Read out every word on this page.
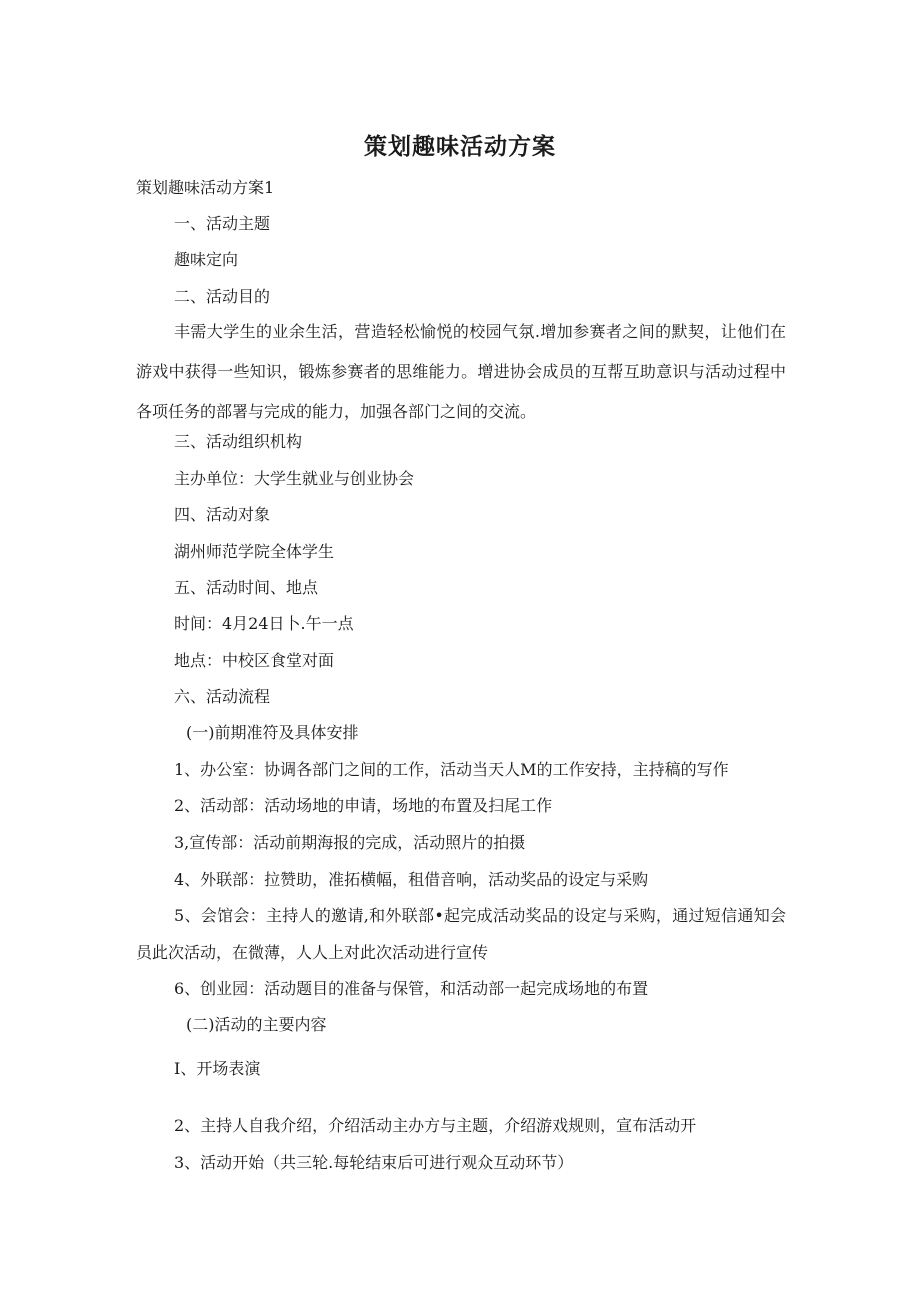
策划趣味活动方案

策划趣味活动方案1

一、活动主题

趣味定向

二、活动目的

丰需大学生的业余生活，营造轻松愉悦的校园气氛.增加参赛者之间的默契，让他们在游戏中获得一些知识，锻炼参赛者的思维能力。增进协会成员的互帮互助意识与活动过程中各项任务的部署与完成的能力，加强各部门之间的交流。

三、活动组织机构

主办单位：大学生就业与创业协会

四、活动对象

湖州师范学院全体学生

五、活动时间、地点

时间：4月24日卜.午一点

地点：中校区食堂对面

六、活动流程

(一)前期准符及具体安排

1、办公室：协调各部门之间的工作，活动当天人M的工作安持，主持稿的写作

2、活动部：活动场地的申请，场地的布置及扫尾工作

3,宣传部：活动前期海报的完成，活动照片的拍摄

4、外联部：拉赞助，准拓横幅，租借音响，活动奖品的设定与采购

5、会馆会：主持人的邀请,和外联部•起完成活动奖品的设定与采购，通过短信通知会员此次活动，在微薄，人人上对此次活动进行宣传

6、创业园：活动题目的准备与保管，和活动部一起完成场地的布置

(二)活动的主要内容

I、开场表演

2、主持人自我介绍，介绍活动主办方与主题，介绍游戏规则，宣布活动开

3、活动开始（共三轮.每轮结束后可进行观众互动环节）
